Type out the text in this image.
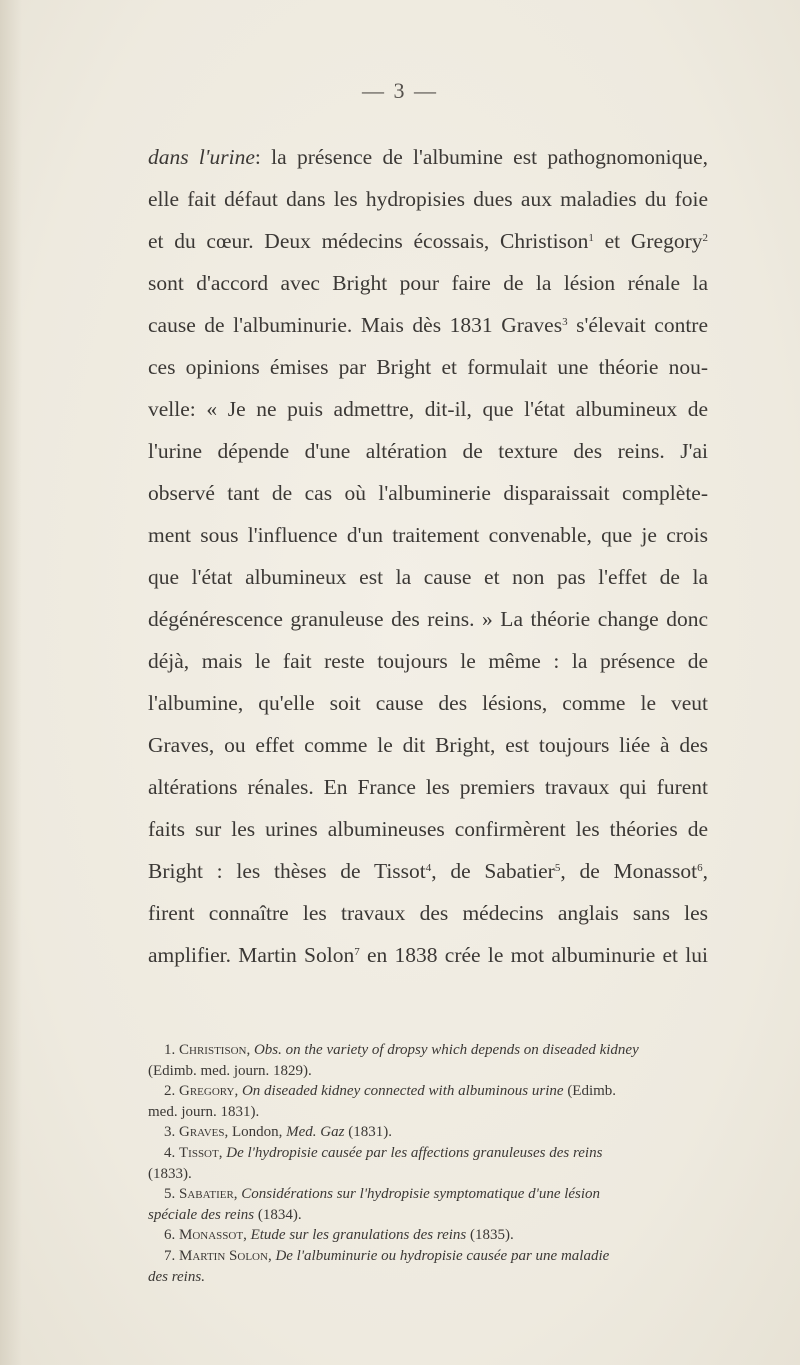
— 3 —
dans l'urine: la présence de l'albumine est pathognomonique,
elle fait défaut dans les hydropisies dues aux maladies du foie
et du cœur. Deux médecins écossais, Christison$^1$ et Gregory$^2$
sont d'accord avec Bright pour faire de la lésion rénale la
cause de l'albuminurie. Mais dès 1831 Graves$^3$ s'élevait contre
ces opinions émises par Bright et formulait une théorie nou-
velle: « Je ne puis admettre, dit-il, que l'état albumineux de
l'urine dépende d'une altération de texture des reins. J'ai
observé tant de cas où l'albuminerie disparaissait complète-
ment sous l'influence d'un traitement convenable, que je crois
que l'état albumineux est la cause et non pas l'effet de la
dégénérescence granuleuse des reins. » La théorie change donc
déjà, mais le fait reste toujours le même : la présence de
l'albumine, qu'elle soit cause des lésions, comme le veut
Graves, ou effet comme le dit Bright, est toujours liée à des
altérations rénales. En France les premiers travaux qui furent
faits sur les urines albumineuses confirmèrent les théories de
Bright : les thèses de Tissot$^4$, de Sabatier$^5$, de Monassot$^6$,
firent connaître les travaux des médecins anglais sans les
amplifier. Martin Solon$^7$ en 1838 crée le mot albuminurie et lui
1. Christison, Obs. on the variety of dropsy which depends on diseaded kidney
(Edimb. med. journ. 1829).
2. Gregory, On diseaded kidney connected with albuminous urine (Edimb.
med. journ. 1831).
3. Graves, London, Med. Gaz (1831).
4. Tissot, De l'hydropisie causée par les affections granuleuses des reins
(1833).
5. Sabatier, Considérations sur l'hydropisie symptomatique d'une lésion
spéciale des reins (1834).
6. Monassot, Etude sur les granulations des reins (1835).
7. Martin Solon, De l'albuminurie ou hydropisie causée par une maladie
des reins.
